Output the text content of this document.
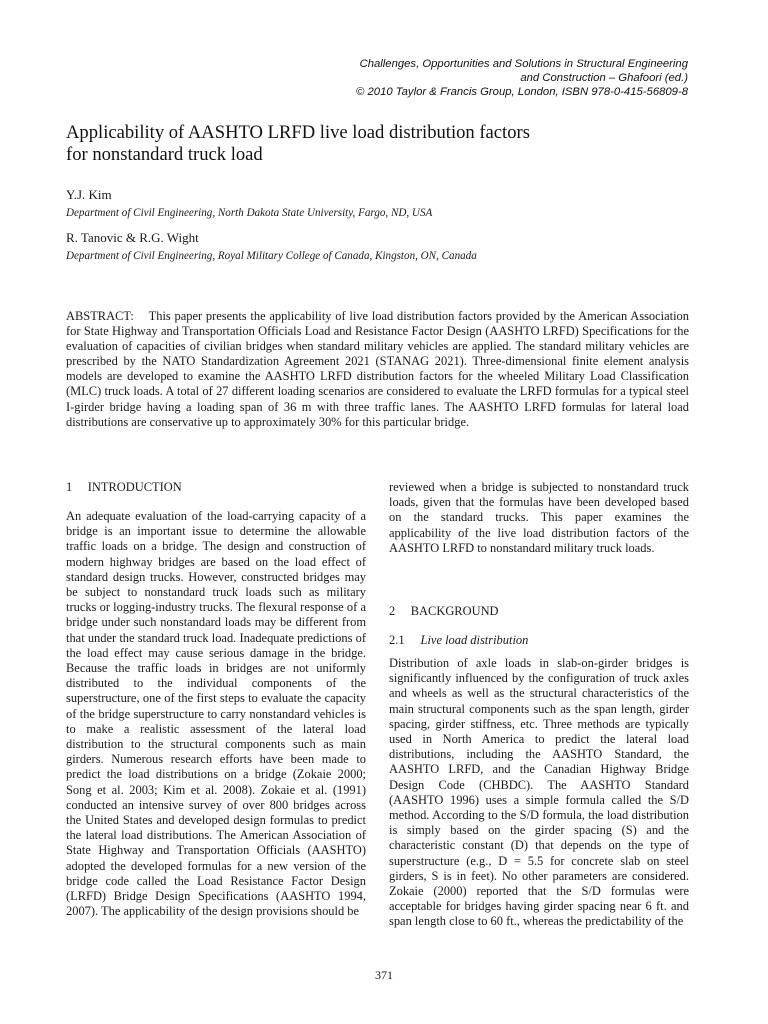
Challenges, Opportunities and Solutions in Structural Engineering
and Construction – Ghafoori (ed.)
© 2010 Taylor & Francis Group, London, ISBN 978-0-415-56809-8
Applicability of AASHTO LRFD live load distribution factors
for nonstandard truck load
Y.J. Kim
Department of Civil Engineering, North Dakota State University, Fargo, ND, USA
R. Tanovic & R.G. Wight
Department of Civil Engineering, Royal Military College of Canada, Kingston, ON, Canada
ABSTRACT:    This paper presents the applicability of live load distribution factors provided by the American Association for State Highway and Transportation Officials Load and Resistance Factor Design (AASHTO LRFD) Specifications for the evaluation of capacities of civilian bridges when standard military vehicles are applied. The standard military vehicles are prescribed by the NATO Standardization Agreement 2021 (STANAG 2021). Three-dimensional finite element analysis models are developed to examine the AASHTO LRFD distribution factors for the wheeled Military Load Classification (MLC) truck loads. A total of 27 different loading scenarios are considered to evaluate the LRFD formulas for a typical steel I-girder bridge having a loading span of 36 m with three traffic lanes. The AASHTO LRFD formulas for lateral load distributions are conservative up to approximately 30% for this particular bridge.
1     INTRODUCTION

An adequate evaluation of the load-carrying capacity of a bridge is an important issue to determine the allowable traffic loads on a bridge. The design and construction of modern highway bridges are based on the load effect of standard design trucks. However, constructed bridges may be subject to nonstandard truck loads such as military trucks or logging-industry trucks. The flexural response of a bridge under such nonstandard loads may be different from that under the standard truck load. Inadequate predictions of the load effect may cause serious damage in the bridge. Because the traffic loads in bridges are not uniformly distributed to the individual components of the superstructure, one of the first steps to evaluate the capacity of the bridge superstructure to carry nonstandard vehicles is to make a realistic assessment of the lateral load distribution to the structural components such as main girders. Numerous research efforts have been made to predict the load distributions on a bridge (Zokaie 2000; Song et al. 2003; Kim et al. 2008). Zokaie et al. (1991) conducted an intensive survey of over 800 bridges across the United States and developed design formulas to predict the lateral load distributions. The American Association of State Highway and Transportation Officials (AASHTO) adopted the developed formulas for a new version of the bridge code called the Load Resistance Factor Design (LRFD) Bridge Design Specifications (AASHTO 1994, 2007). The applicability of the design provisions should be

reviewed when a bridge is subjected to nonstandard truck loads, given that the formulas have been developed based on the standard trucks. This paper examines the applicability of the live load distribution factors of the AASHTO LRFD to nonstandard military truck loads.

2     BACKGROUND
2.1 Live load distribution

Distribution of axle loads in slab-on-girder bridges is significantly influenced by the configuration of truck axles and wheels as well as the structural characteristics of the main structural components such as the span length, girder spacing, girder stiffness, etc. Three methods are typically used in North America to predict the lateral load distributions, including the AASHTO Standard, the AASHTO LRFD, and the Canadian Highway Bridge Design Code (CHBDC). The AASHTO Standard (AASHTO 1996) uses a simple formula called the S/D method. According to the S/D formula, the load distribution is simply based on the girder spacing (S) and the characteristic constant (D) that depends on the type of superstructure (e.g., D = 5.5 for concrete slab on steel girders, S is in feet). No other parameters are considered. Zokaie (2000) reported that the S/D formulas were acceptable for bridges having girder spacing near 6 ft. and span length close to 60 ft., whereas the predictability of the

371
